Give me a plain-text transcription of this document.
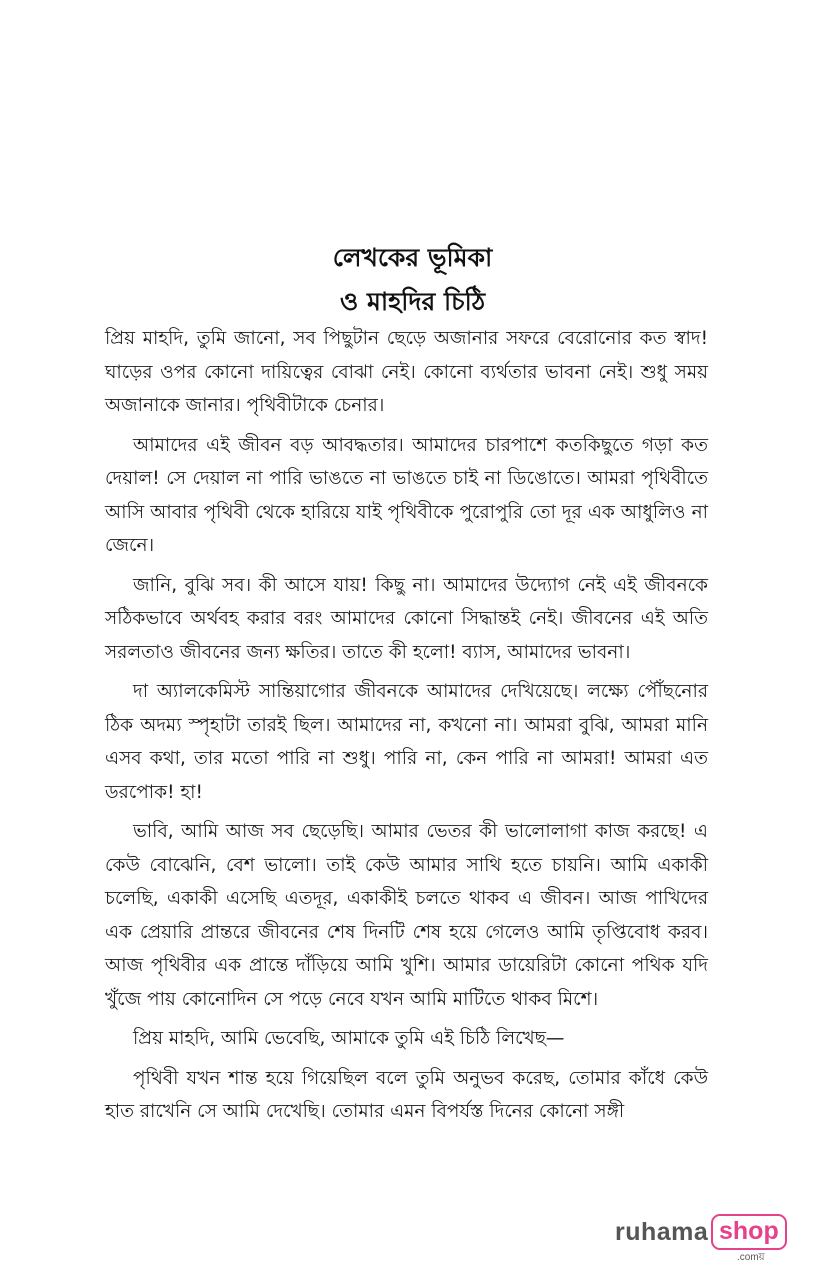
লেখকের ভূমিকা
ও মাহদির চিঠি

প্রিয় মাহদি, তুমি জানো, সব পিছুটান ছেড়ে অজানার সফরে বেরোনোর কত স্বাদ! ঘাড়ের ওপর কোনো দায়িত্বের বোঝা নেই। কোনো ব্যর্থতার ভাবনা নেই। শুধু সময় অজানাকে জানার। পৃথিবীটাকে চেনার।

আমাদের এই জীবন বড় আবদ্ধতার। আমাদের চারপাশে কতকিছুতে গড়া কত দেয়াল! সে দেয়াল না পারি ভাঙতে না ভাঙতে চাই না ডিঙোতে। আমরা পৃথিবীতে আসি আবার পৃথিবী থেকে হারিয়ে যাই পৃথিবীকে পুরোপুরি তো দূর এক আধুলিও না জেনে।

জানি, বুঝি সব। কী আসে যায়! কিছু না। আমাদের উদ্যোগ নেই এই জীবনকে সঠিকভাবে অর্থবহ করার বরং আমাদের কোনো সিদ্ধান্তই নেই। জীবনের এই অতি সরলতাও জীবনের জন্য ক্ষতির। তাতে কী হলো! ব্যাস, আমাদের ভাবনা।

দা অ্যালকেমিস্ট সান্তিয়াগোর জীবনকে আমাদের দেখিয়েছে। লক্ষ্যে পৌঁছনোর ঠিক অদম্য স্পৃহাটা তারই ছিল। আমাদের না, কখনো না। আমরা বুঝি, আমরা মানি এসব কথা, তার মতো পারি না শুধু। পারি না, কেন পারি না আমরা! আমরা এত ডরপোক! হা!

ভাবি, আমি আজ সব ছেড়েছি। আমার ভেতর কী ভালোলাগা কাজ করছে! এ কেউ বোঝেনি, বেশ ভালো। তাই কেউ আমার সাথি হতে চায়নি। আমি একাকী চলেছি, একাকী এসেছি এতদূর, একাকীই চলতে থাকব এ জীবন। আজ পাখিদের এক প্রেয়ারি প্রান্তরে জীবনের শেষ দিনটি শেষ হয়ে গেলেও আমি তৃপ্তিবোধ করব। আজ পৃথিবীর এক প্রান্তে দাঁড়িয়ে আমি খুশি। আমার ডায়েরিটা কোনো পথিক যদি খুঁজে পায় কোনোদিন সে পড়ে নেবে যখন আমি মাটিতে থাকব মিশে।

প্রিয় মাহদি, আমি ভেবেছি, আমাকে তুমি এই চিঠি লিখেছ—

পৃথিবী যখন শান্ত হয়ে গিয়েছিল বলে তুমি অনুভব করেছ, তোমার কাঁধে কেউ হাত রাখেনি সে আমি দেখেছি। তোমার এমন বিপর্যস্ত দিনের কোনো সঙ্গী

ruhama shop
.comয়
